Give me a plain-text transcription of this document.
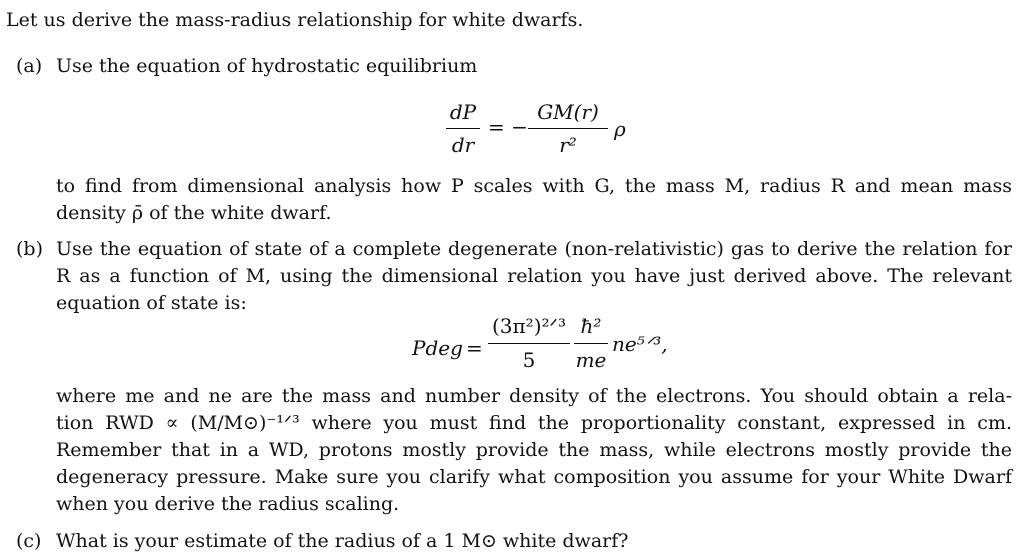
Let us derive the mass-radius relationship for white dwarfs.
(a) Use the equation of hydrostatic equilibrium
dP
dr
= −
GM(r)
r²
ρ
to find from dimensional analysis how P scales with G, the mass M, radius R and mean mass
density ρ̄ of the white dwarf.
(b) Use the equation of state of a complete degenerate (non-relativistic) gas to derive the relation for
R as a function of M, using the dimensional relation you have just derived above. The relevant
equation of state is:
Pdeg =
(3π²)²ᐟ³
5
ħ²
me
ne⁵ᐟ³,
where me and ne are the mass and number density of the electrons. You should obtain a rela-
tion RWD ∝ (M/M⊙)⁻¹ᐟ³ where you must find the proportionality constant, expressed in cm.
Remember that in a WD, protons mostly provide the mass, while electrons mostly provide the
degeneracy pressure. Make sure you clarify what composition you assume for your White Dwarf
when you derive the radius scaling.
(c) What is your estimate of the radius of a 1 M⊙ white dwarf?
